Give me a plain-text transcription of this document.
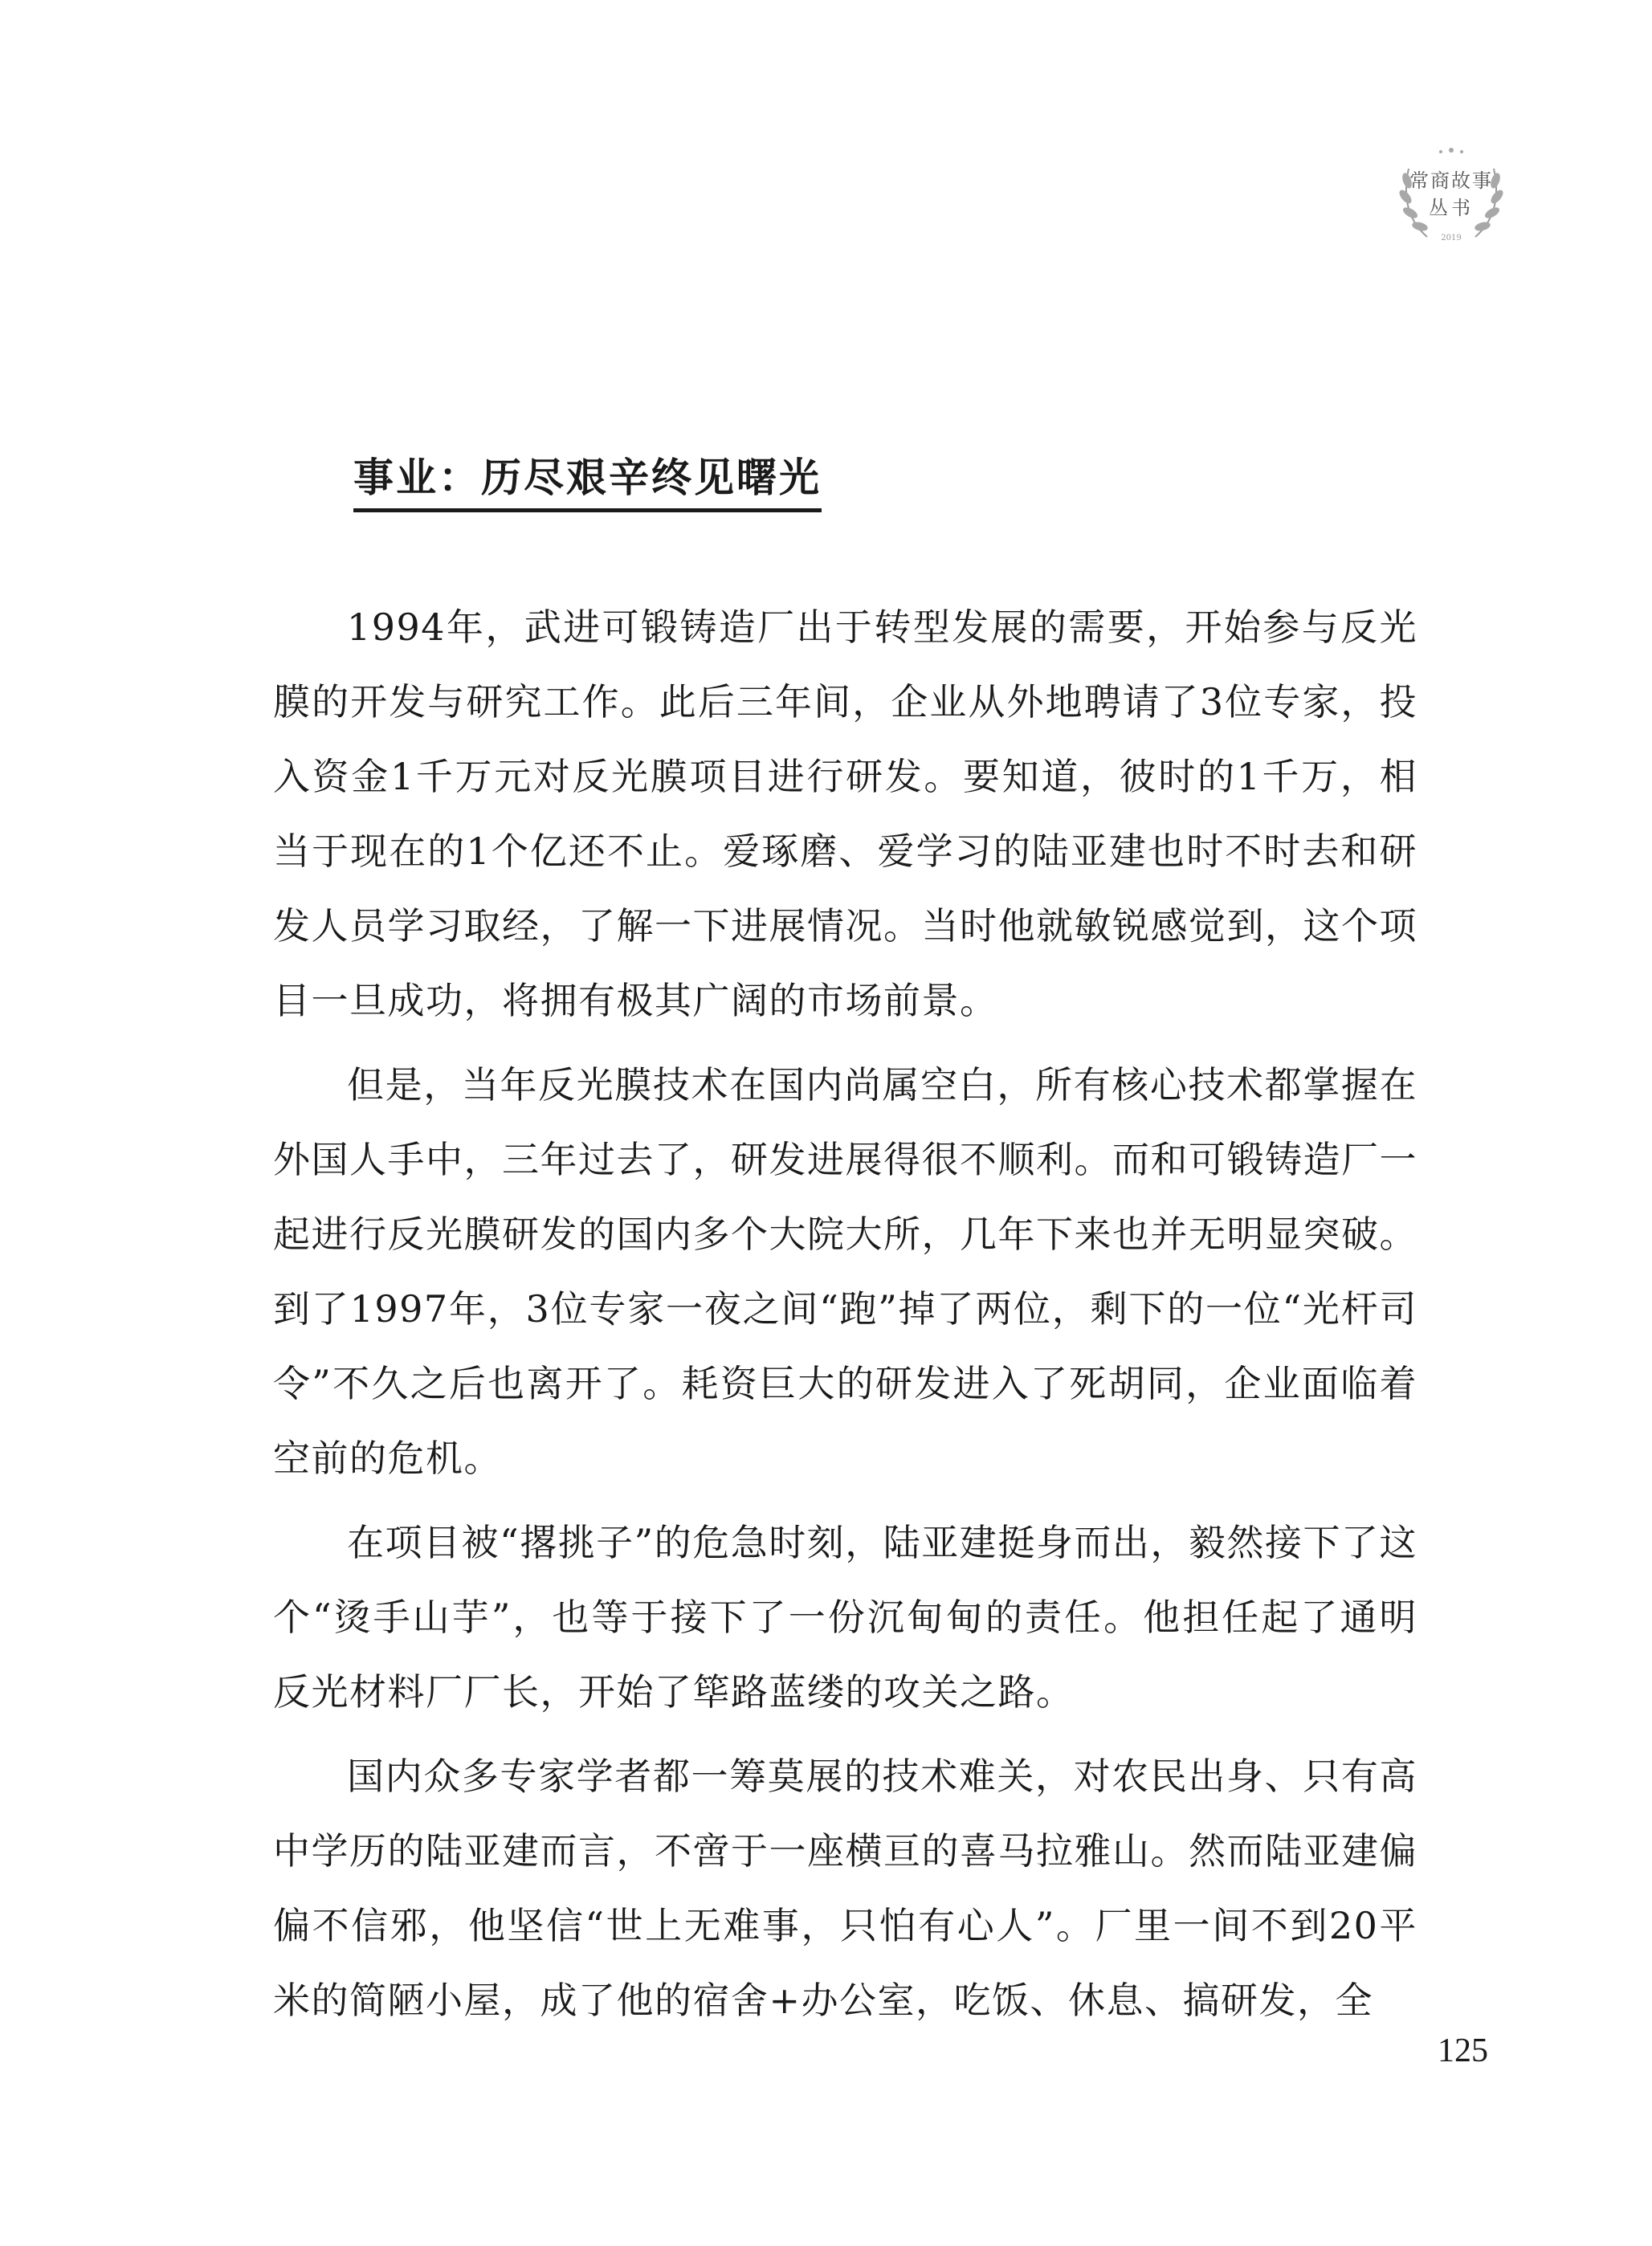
常商故事
丛书
2019
事业：历尽艰辛终见曙光

1994年，武进可锻铸造厂出于转型发展的需要，开始参与反光膜的开发与研究工作。此后三年间，企业从外地聘请了3位专家，投入资金1千万元对反光膜项目进行研发。要知道，彼时的1千万，相当于现在的1个亿还不止。爱琢磨、爱学习的陆亚建也时不时去和研发人员学习取经，了解一下进展情况。当时他就敏锐感觉到，这个项目一旦成功，将拥有极其广阔的市场前景。

但是，当年反光膜技术在国内尚属空白，所有核心技术都掌握在外国人手中，三年过去了，研发进展得很不顺利。而和可锻铸造厂一起进行反光膜研发的国内多个大院大所，几年下来也并无明显突破。到了1997年，3位专家一夜之间“跑”掉了两位，剩下的一位“光杆司令”不久之后也离开了。耗资巨大的研发进入了死胡同，企业面临着空前的危机。

在项目被“撂挑子”的危急时刻，陆亚建挺身而出，毅然接下了这个“烫手山芋”，也等于接下了一份沉甸甸的责任。他担任起了通明反光材料厂厂长，开始了筚路蓝缕的攻关之路。

国内众多专家学者都一筹莫展的技术难关，对农民出身、只有高中学历的陆亚建而言，不啻于一座横亘的喜马拉雅山。然而陆亚建偏偏不信邪，他坚信“世上无难事，只怕有心人”。厂里一间不到20平米的简陋小屋，成了他的宿舍+办公室，吃饭、休息、搞研发，全

125
